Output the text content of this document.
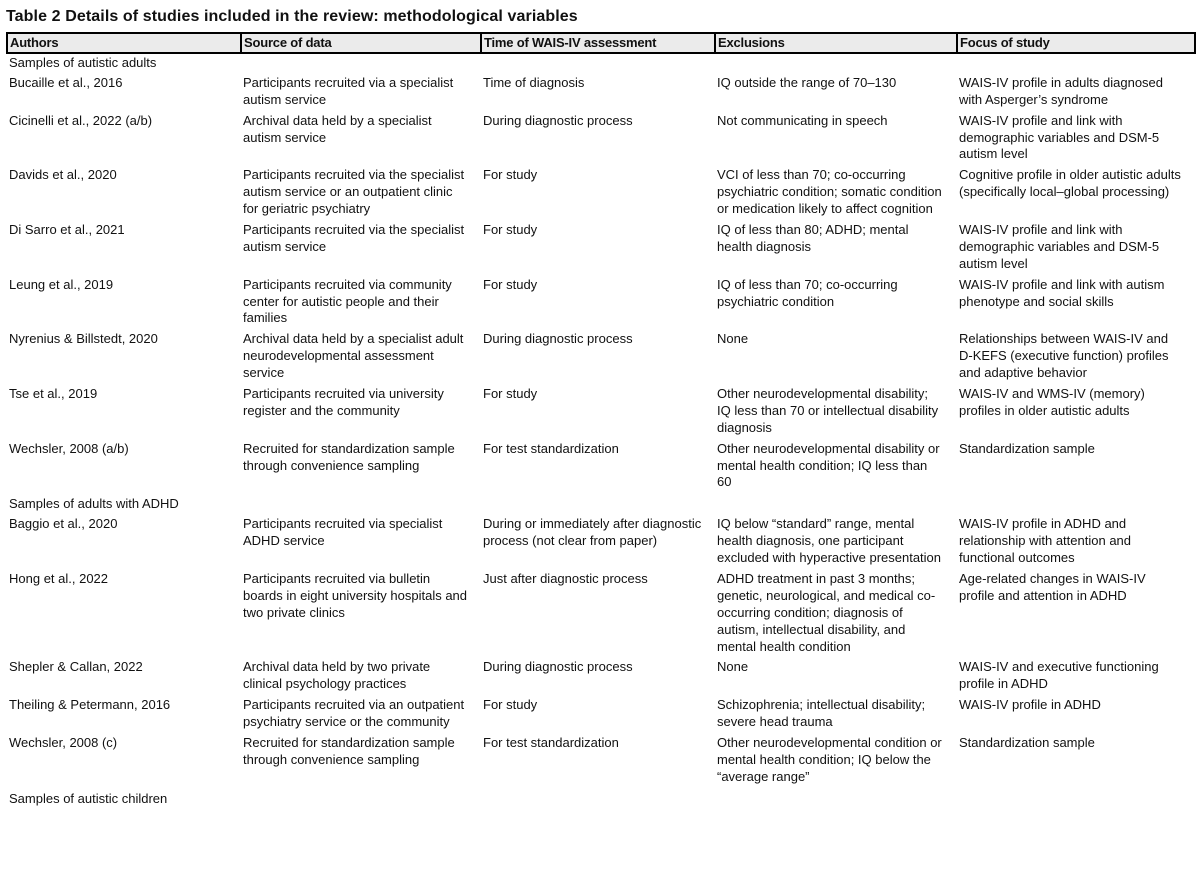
Table 2 Details of studies included in the review: methodological variables
Authors	Source of data	Time of WAIS-IV assessment	Exclusions	Focus of study
Samples of autistic adults				
Bucaille et al., 2016	Participants recruited via a specialist autism service	Time of diagnosis	IQ outside the range of 70–130	WAIS-IV profile in adults diagnosed with Asperger’s syndrome
Cicinelli et al., 2022 (a/b)	Archival data held by a specialist autism service	During diagnostic process	Not communicating in speech	WAIS-IV profile and link with demographic variables and DSM-5 autism level
Davids et al., 2020	Participants recruited via the specialist autism service or an outpatient clinic for geriatric psychiatry	For study	VCI of less than 70; co-occurring psychiatric condition; somatic condition or medication likely to affect cognition	Cognitive profile in older autistic adults (specifically local–global processing)
Di Sarro et al., 2021	Participants recruited via the specialist autism service	For study	IQ of less than 80; ADHD; mental health diagnosis	WAIS-IV profile and link with demographic variables and DSM-5 autism level
Leung et al., 2019	Participants recruited via community center for autistic people and their families	For study	IQ of less than 70; co-occurring psychiatric condition	WAIS-IV profile and link with autism phenotype and social skills
Nyrenius & Billstedt, 2020	Archival data held by a specialist adult neurodevelopmental assessment service	During diagnostic process	None	Relationships between WAIS-IV and D-KEFS (executive function) profiles and adaptive behavior
Tse et al., 2019	Participants recruited via university register and the community	For study	Other neurodevelopmental disability; IQ less than 70 or intellectual disability diagnosis	WAIS-IV and WMS-IV (memory) profiles in older autistic adults
Wechsler, 2008 (a/b)	Recruited for standardization sample through convenience sampling	For test standardization	Other neurodevelopmental disability or mental health condition; IQ less than 60	Standardization sample
Samples of adults with ADHD				
Baggio et al., 2020	Participants recruited via specialist ADHD service	During or immediately after diagnostic process (not clear from paper)	IQ below “standard” range, mental health diagnosis, one participant excluded with hyperactive presentation	WAIS-IV profile in ADHD and relationship with attention and functional outcomes
Hong et al., 2022	Participants recruited via bulletin boards in eight university hospitals and two private clinics	Just after diagnostic process	ADHD treatment in past 3 months; genetic, neurological, and medical co-occurring condition; diagnosis of autism, intellectual disability, and mental health condition	Age-related changes in WAIS-IV profile and attention in ADHD
Shepler & Callan, 2022	Archival data held by two private clinical psychology practices	During diagnostic process	None	WAIS-IV and executive functioning profile in ADHD
Theiling & Petermann, 2016	Participants recruited via an outpatient psychiatry service or the community	For study	Schizophrenia; intellectual disability; severe head trauma	WAIS-IV profile in ADHD
Wechsler, 2008 (c)	Recruited for standardization sample through convenience sampling	For test standardization	Other neurodevelopmental condition or mental health condition; IQ below the “average range”	Standardization sample
Samples of autistic children				
